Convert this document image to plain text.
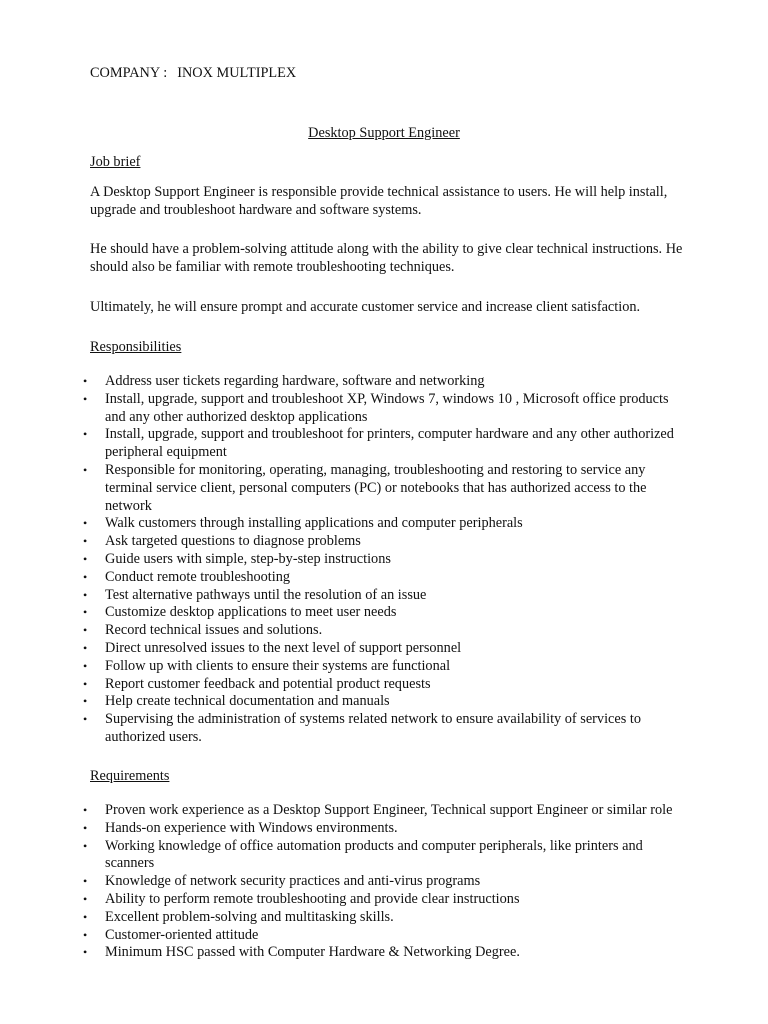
COMPANY : INOX MULTIPLEX
Desktop Support Engineer
Job brief

A Desktop Support Engineer is responsible provide technical assistance to users. He will help install, upgrade and troubleshoot hardware and software systems.

He should have a problem-solving attitude along with the ability to give clear technical instructions. He should also be familiar with remote troubleshooting techniques.

Ultimately, he will ensure prompt and accurate customer service and increase client satisfaction.

Responsibilities
• Address user tickets regarding hardware, software and networking
• Install, upgrade, support and troubleshoot XP, Windows 7, windows 10 , Microsoft office products and any other authorized desktop applications
• Install, upgrade, support and troubleshoot for printers, computer hardware and any other authorized peripheral equipment
• Responsible for monitoring, operating, managing, troubleshooting and restoring to service any terminal service client, personal computers (PC) or notebooks that has authorized access to the network
• Walk customers through installing applications and computer peripherals
• Ask targeted questions to diagnose problems
• Guide users with simple, step-by-step instructions
• Conduct remote troubleshooting
• Test alternative pathways until the resolution of an issue
• Customize desktop applications to meet user needs
• Record technical issues and solutions.
• Direct unresolved issues to the next level of support personnel
• Follow up with clients to ensure their systems are functional
• Report customer feedback and potential product requests
• Help create technical documentation and manuals
• Supervising the administration of systems related network to ensure availability of services to authorized users.
Requirements
• Proven work experience as a Desktop Support Engineer, Technical support Engineer or similar role
• Hands-on experience with Windows environments.
• Working knowledge of office automation products and computer peripherals, like printers and scanners
• Knowledge of network security practices and anti-virus programs
• Ability to perform remote troubleshooting and provide clear instructions
• Excellent problem-solving and multitasking skills.
• Customer-oriented attitude
• Minimum HSC passed with Computer Hardware & Networking Degree.
